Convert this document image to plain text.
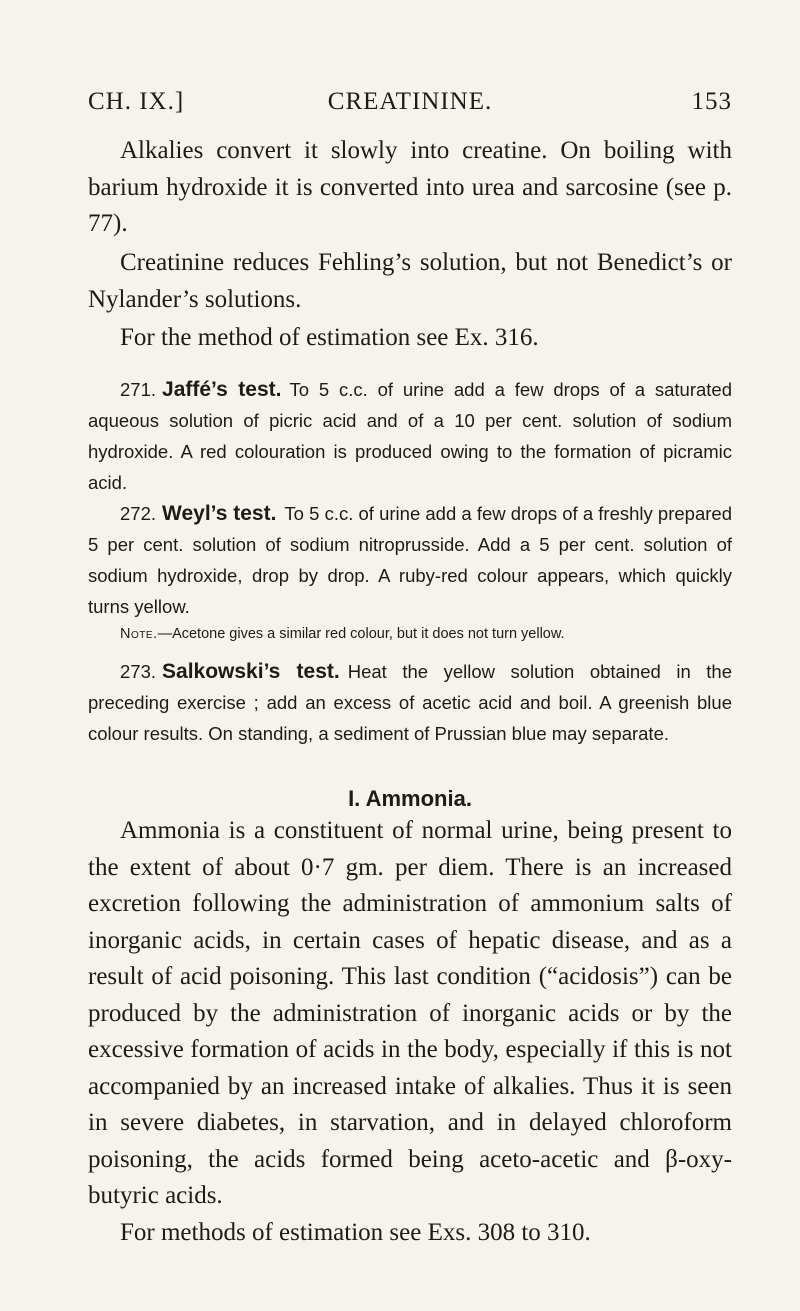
CH. IX.]	CREATININE.	153

Alkalies convert it slowly into creatine. On boiling with barium hydroxide it is converted into urea and sarcosine (see p. 77).

Creatinine reduces Fehling’s solution, but not Benedict’s or Nylander’s solutions.

For the method of estimation see Ex. 316.

271. Jaffé’s test. To 5 c.c. of urine add a few drops of a saturated aqueous solution of picric acid and of a 10 per cent. solution of sodium hydroxide. A red colouration is produced owing to the formation of picramic acid.

272. Weyl’s test. To 5 c.c. of urine add a few drops of a freshly prepared 5 per cent. solution of sodium nitroprusside. Add a 5 per cent. solution of sodium hydroxide, drop by drop. A ruby-red colour appears, which quickly turns yellow.

Note.—Acetone gives a similar red colour, but it does not turn yellow.

273. Salkowski’s test. Heat the yellow solution obtained in the preceding exercise ; add an excess of acetic acid and boil. A greenish blue colour results. On standing, a sediment of Prussian blue may separate.

I. Ammonia.

Ammonia is a constituent of normal urine, being present to the extent of about 0·7 gm. per diem. There is an increased excretion following the administration of ammonium salts of inorganic acids, in certain cases of hepatic disease, and as a result of acid poisoning. This last condition (“acidosis”) can be produced by the administration of inorganic acids or by the excessive formation of acids in the body, especially if this is not accompanied by an increased intake of alkalies. Thus it is seen in severe diabetes, in starvation, and in delayed chloroform poisoning, the acids formed being aceto-acetic and β-oxy-butyric acids.

For methods of estimation see Exs. 308 to 310.
